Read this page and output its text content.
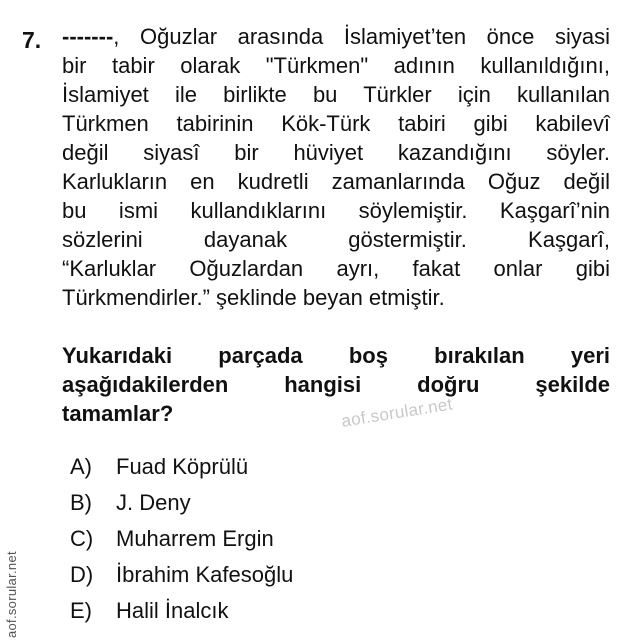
7. -------, Oğuzlar arasında İslamiyet’ten önce siyasi
bir tabir olarak "Türkmen" adının kullanıldığını,
İslamiyet ile birlikte bu Türkler için kullanılan
Türkmen tabirinin Kök-Türk tabiri gibi kabilevî
değil siyasî bir hüviyet kazandığını söyler.
Karlukların en kudretli zamanlarında Oğuz değil
bu ismi kullandıklarını söylemiştir. Kaşgarî’nin
sözlerini dayanak göstermiştir. Kaşgarî,
“Karluklar Oğuzlardan ayrı, fakat onlar gibi
Türkmendirler.” şeklinde beyan etmiştir.
Yukarıdaki parçada boş bırakılan yeri
aşağıdakilerden hangisi doğru şekilde
tamamlar?	aof.sorular.net
A)	Fuad Köprülü
B)	J. Deny
C)	Muharrem Ergin
D)	İbrahim Kafesoğlu
E)	Halil İnalcık
aof.sorular.net
